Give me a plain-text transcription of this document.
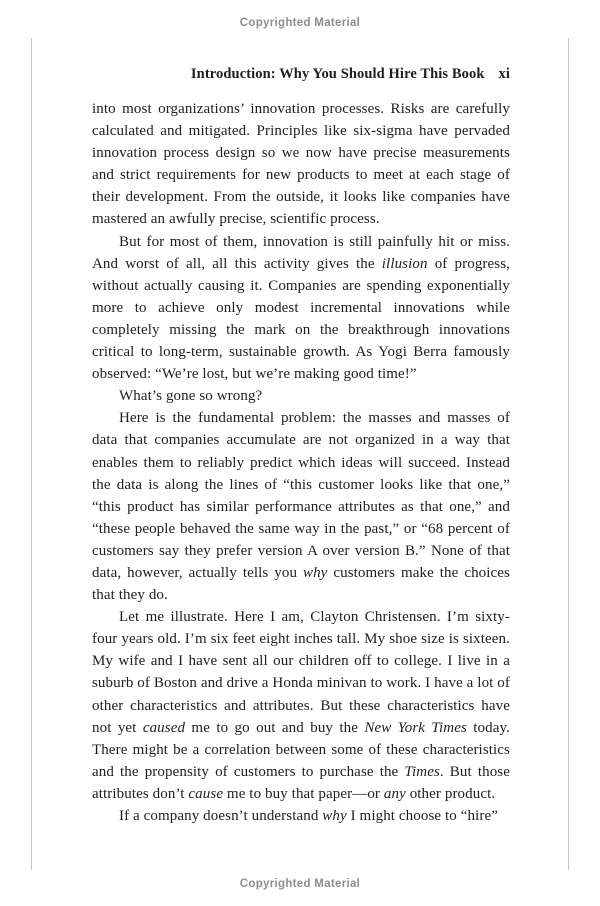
Copyrighted Material
Introduction: Why You Should Hire This Book xi

into most organizations’ innovation processes. Risks are carefully calculated and mitigated. Principles like six-sigma have pervaded innovation process design so we now have precise measurements and strict requirements for new products to meet at each stage of their development. From the outside, it looks like companies have mastered an awfully precise, scientific process.

But for most of them, innovation is still painfully hit or miss. And worst of all, all this activity gives the illusion of progress, without actually causing it. Companies are spending exponentially more to achieve only modest incremental innovations while completely missing the mark on the breakthrough innovations critical to long-term, sustainable growth. As Yogi Berra famously observed: “We’re lost, but we’re making good time!”

What’s gone so wrong?

Here is the fundamental problem: the masses and masses of data that companies accumulate are not organized in a way that enables them to reliably predict which ideas will succeed. Instead the data is along the lines of “this customer looks like that one,” “this product has similar performance attributes as that one,” and “these people behaved the same way in the past,” or “68 percent of customers say they prefer version A over version B.” None of that data, however, actually tells you why customers make the choices that they do.

Let me illustrate. Here I am, Clayton Christensen. I’m sixty-four years old. I’m six feet eight inches tall. My shoe size is sixteen. My wife and I have sent all our children off to college. I live in a suburb of Boston and drive a Honda minivan to work. I have a lot of other characteristics and attributes. But these characteristics have not yet caused me to go out and buy the New York Times today. There might be a correlation between some of these characteristics and the propensity of customers to purchase the Times. But those attributes don’t cause me to buy that paper—or any other product.

If a company doesn’t understand why I might choose to “hire”

Copyrighted Material
